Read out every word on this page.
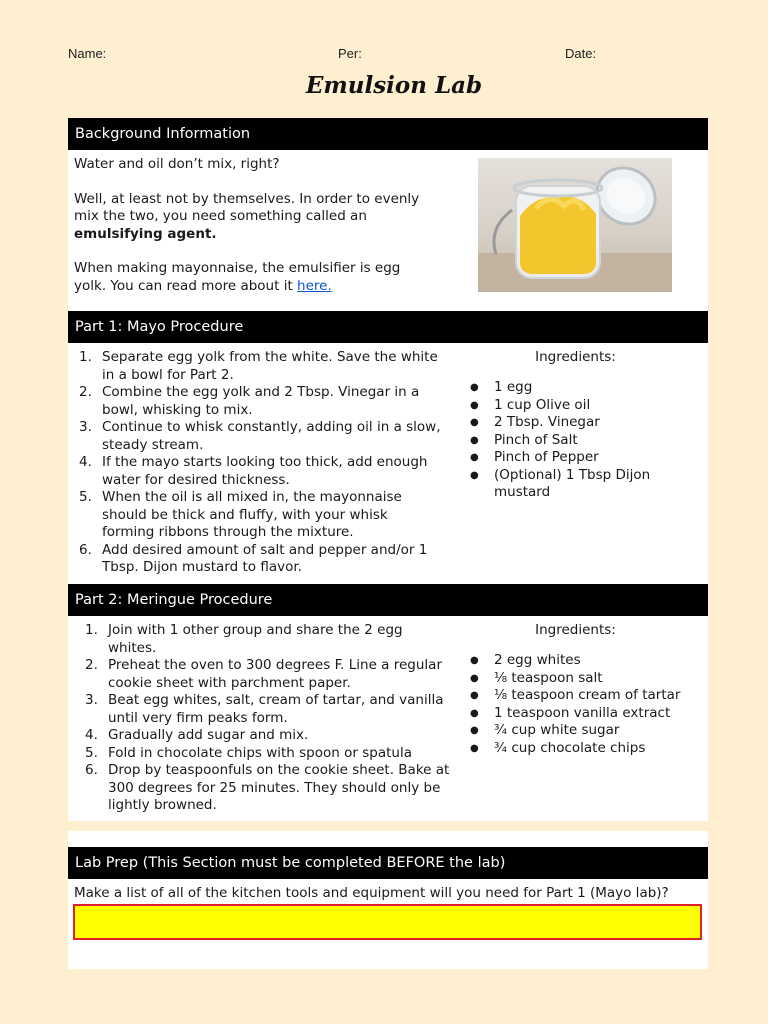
Name:	Per:	Date:
Emulsion Lab
Background Information

Water and oil don’t mix, right?

Well, at least not by themselves. In order to evenly mix the two, you need something called an emulsifying agent.

When making mayonnaise, the emulsifier is egg yolk. You can read more about it here.

Part 1: Mayo Procedure
1. Separate egg yolk from the white. Save the white in a bowl for Part 2.
2. Combine the egg yolk and 2 Tbsp. Vinegar in a bowl, whisking to mix.
3. Continue to whisk constantly, adding oil in a slow, steady stream.
4. If the mayo starts looking too thick, add enough water for desired thickness.
5. When the oil is all mixed in, the mayonnaise should be thick and fluffy, with your whisk forming ribbons through the mixture.
6. Add desired amount of salt and pepper and/or 1 Tbsp. Dijon mustard to flavor.
Ingredients:
●	1 egg
●	1 cup Olive oil
●	2 Tbsp. Vinegar
●	Pinch of Salt
●	Pinch of Pepper
●	(Optional) 1 Tbsp Dijon mustard
Part 2: Meringue Procedure
1. Join with 1 other group and share the 2 egg whites.
2. Preheat the oven to 300 degrees F. Line a regular cookie sheet with parchment paper.
3. Beat egg whites, salt, cream of tartar, and vanilla until very firm peaks form.
4. Gradually add sugar and mix.
5. Fold in chocolate chips with spoon or spatula
6. Drop by teaspoonfuls on the cookie sheet. Bake at 300 degrees for 25 minutes. They should only be lightly browned.
Ingredients:
●	2 egg whites
●	⅛ teaspoon salt
●	⅛ teaspoon cream of tartar
●	1 teaspoon vanilla extract
●	¾ cup white sugar
●	¾ cup chocolate chips
Lab Prep (This Section must be completed BEFORE the lab)
Make a list of all of the kitchen tools and equipment will you need for Part 1 (Mayo lab)?
